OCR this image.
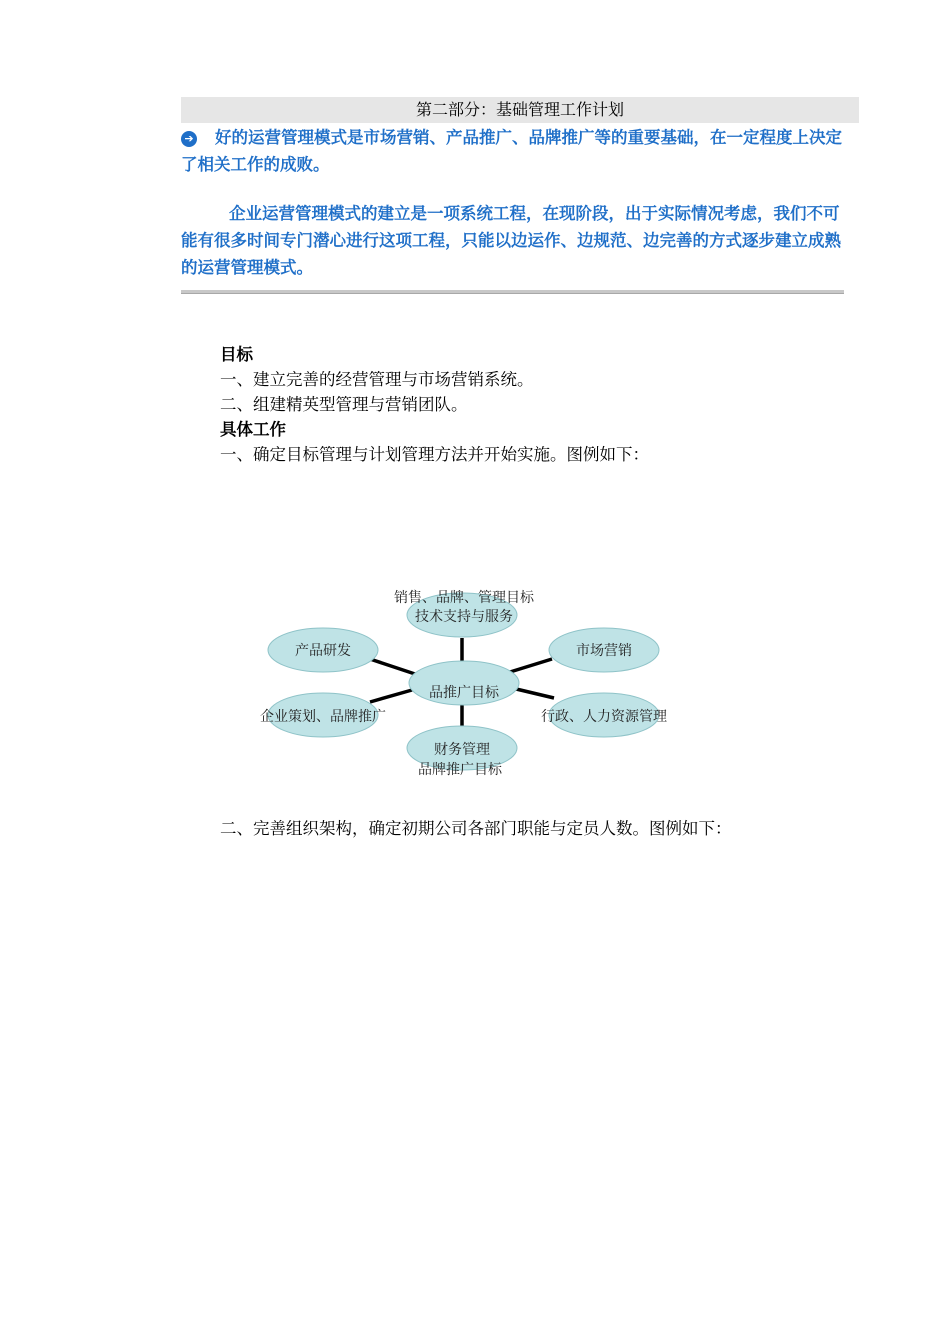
第二部分：基础管理工作计划

➔ 好的运营管理模式是市场营销、产品推广、品牌推广等的重要基础，在一定程度上决定了相关工作的成败。

企业运营管理模式的建立是一项系统工程，在现阶段，出于实际情况考虑，我们不可能有很多时间专门潜心进行这项工程，只能以边运作、边规范、边完善的方式逐步建立成熟的运营管理模式。

目标

一、建立完善的经营管理与市场营销系统。

二、组建精英型管理与营销团队。

具体工作

一、确定目标管理与计划管理方法并开始实施。图例如下：

销售、品牌、管理目标
技术支持与服务
产品研发	市场营销
品推广目标
企业策划、品牌推广	行政、人力资源管理
财务管理
品牌推广目标
二、完善组织架构，确定初期公司各部门职能与定员人数。图例如下：
